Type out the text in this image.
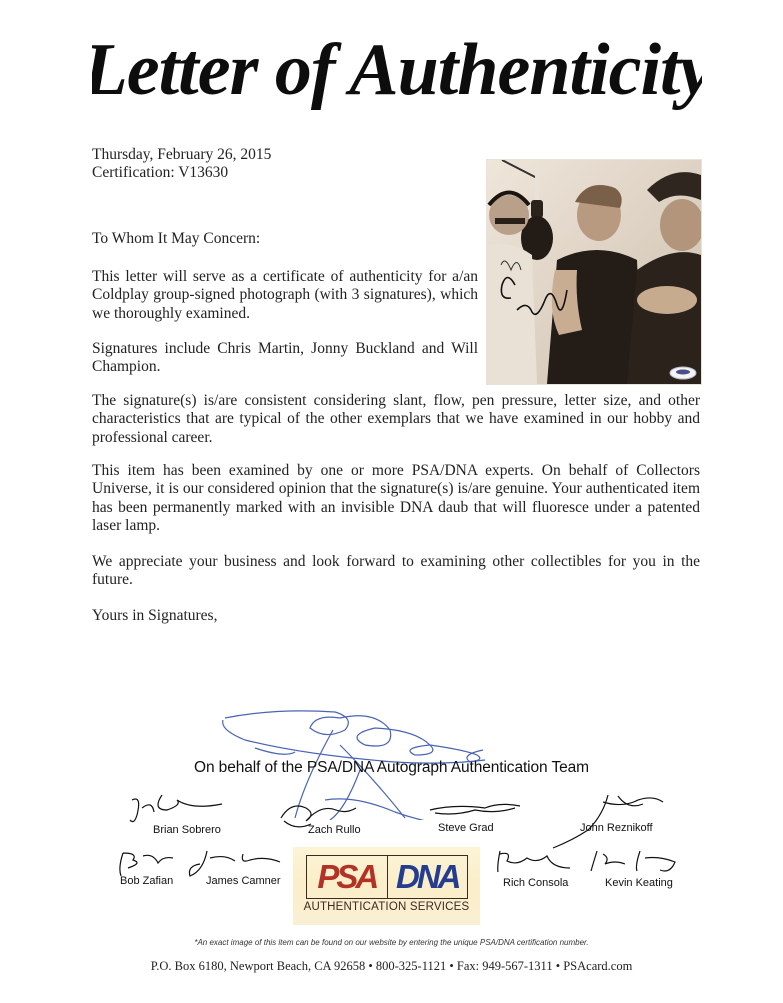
Letter of Authenticity
Thursday, February 26, 2015
Certification: V13630
To Whom It May Concern:
This letter will serve as a certificate of authenticity for a/an Coldplay group-signed photograph (with 3 signatures), which we thoroughly examined.
Signatures include Chris Martin, Jonny Buckland and Will Champion.
The signature(s) is/are consistent considering slant, flow, pen pressure, letter size, and other characteristics that are typical of the other exemplars that we have examined in our hobby and professional career.
This item has been examined by one or more PSA/DNA experts. On behalf of Collectors Universe, it is our considered opinion that the signature(s) is/are genuine. Your authenticated item has been permanently marked with an invisible DNA daub that will fluoresce under a patented laser lamp.
We appreciate your business and look forward to examining other collectibles for you in the future.
Yours in Signatures,
On behalf of the PSA/DNA Autograph Authentication Team
Brian Sobrero	Zach Rullo	Steve Grad	John Reznikoff
Bob Zafian	James Camner	PSA DNA
AUTHENTICATION SERVICES
Rich Consola	Kevin Keating
*An exact image of this item can be found on our website by entering the unique PSA/DNA certification number.
P.O. Box 6180, Newport Beach, CA 92658 • 800-325-1121 • Fax: 949-567-1311 • PSAcard.com
